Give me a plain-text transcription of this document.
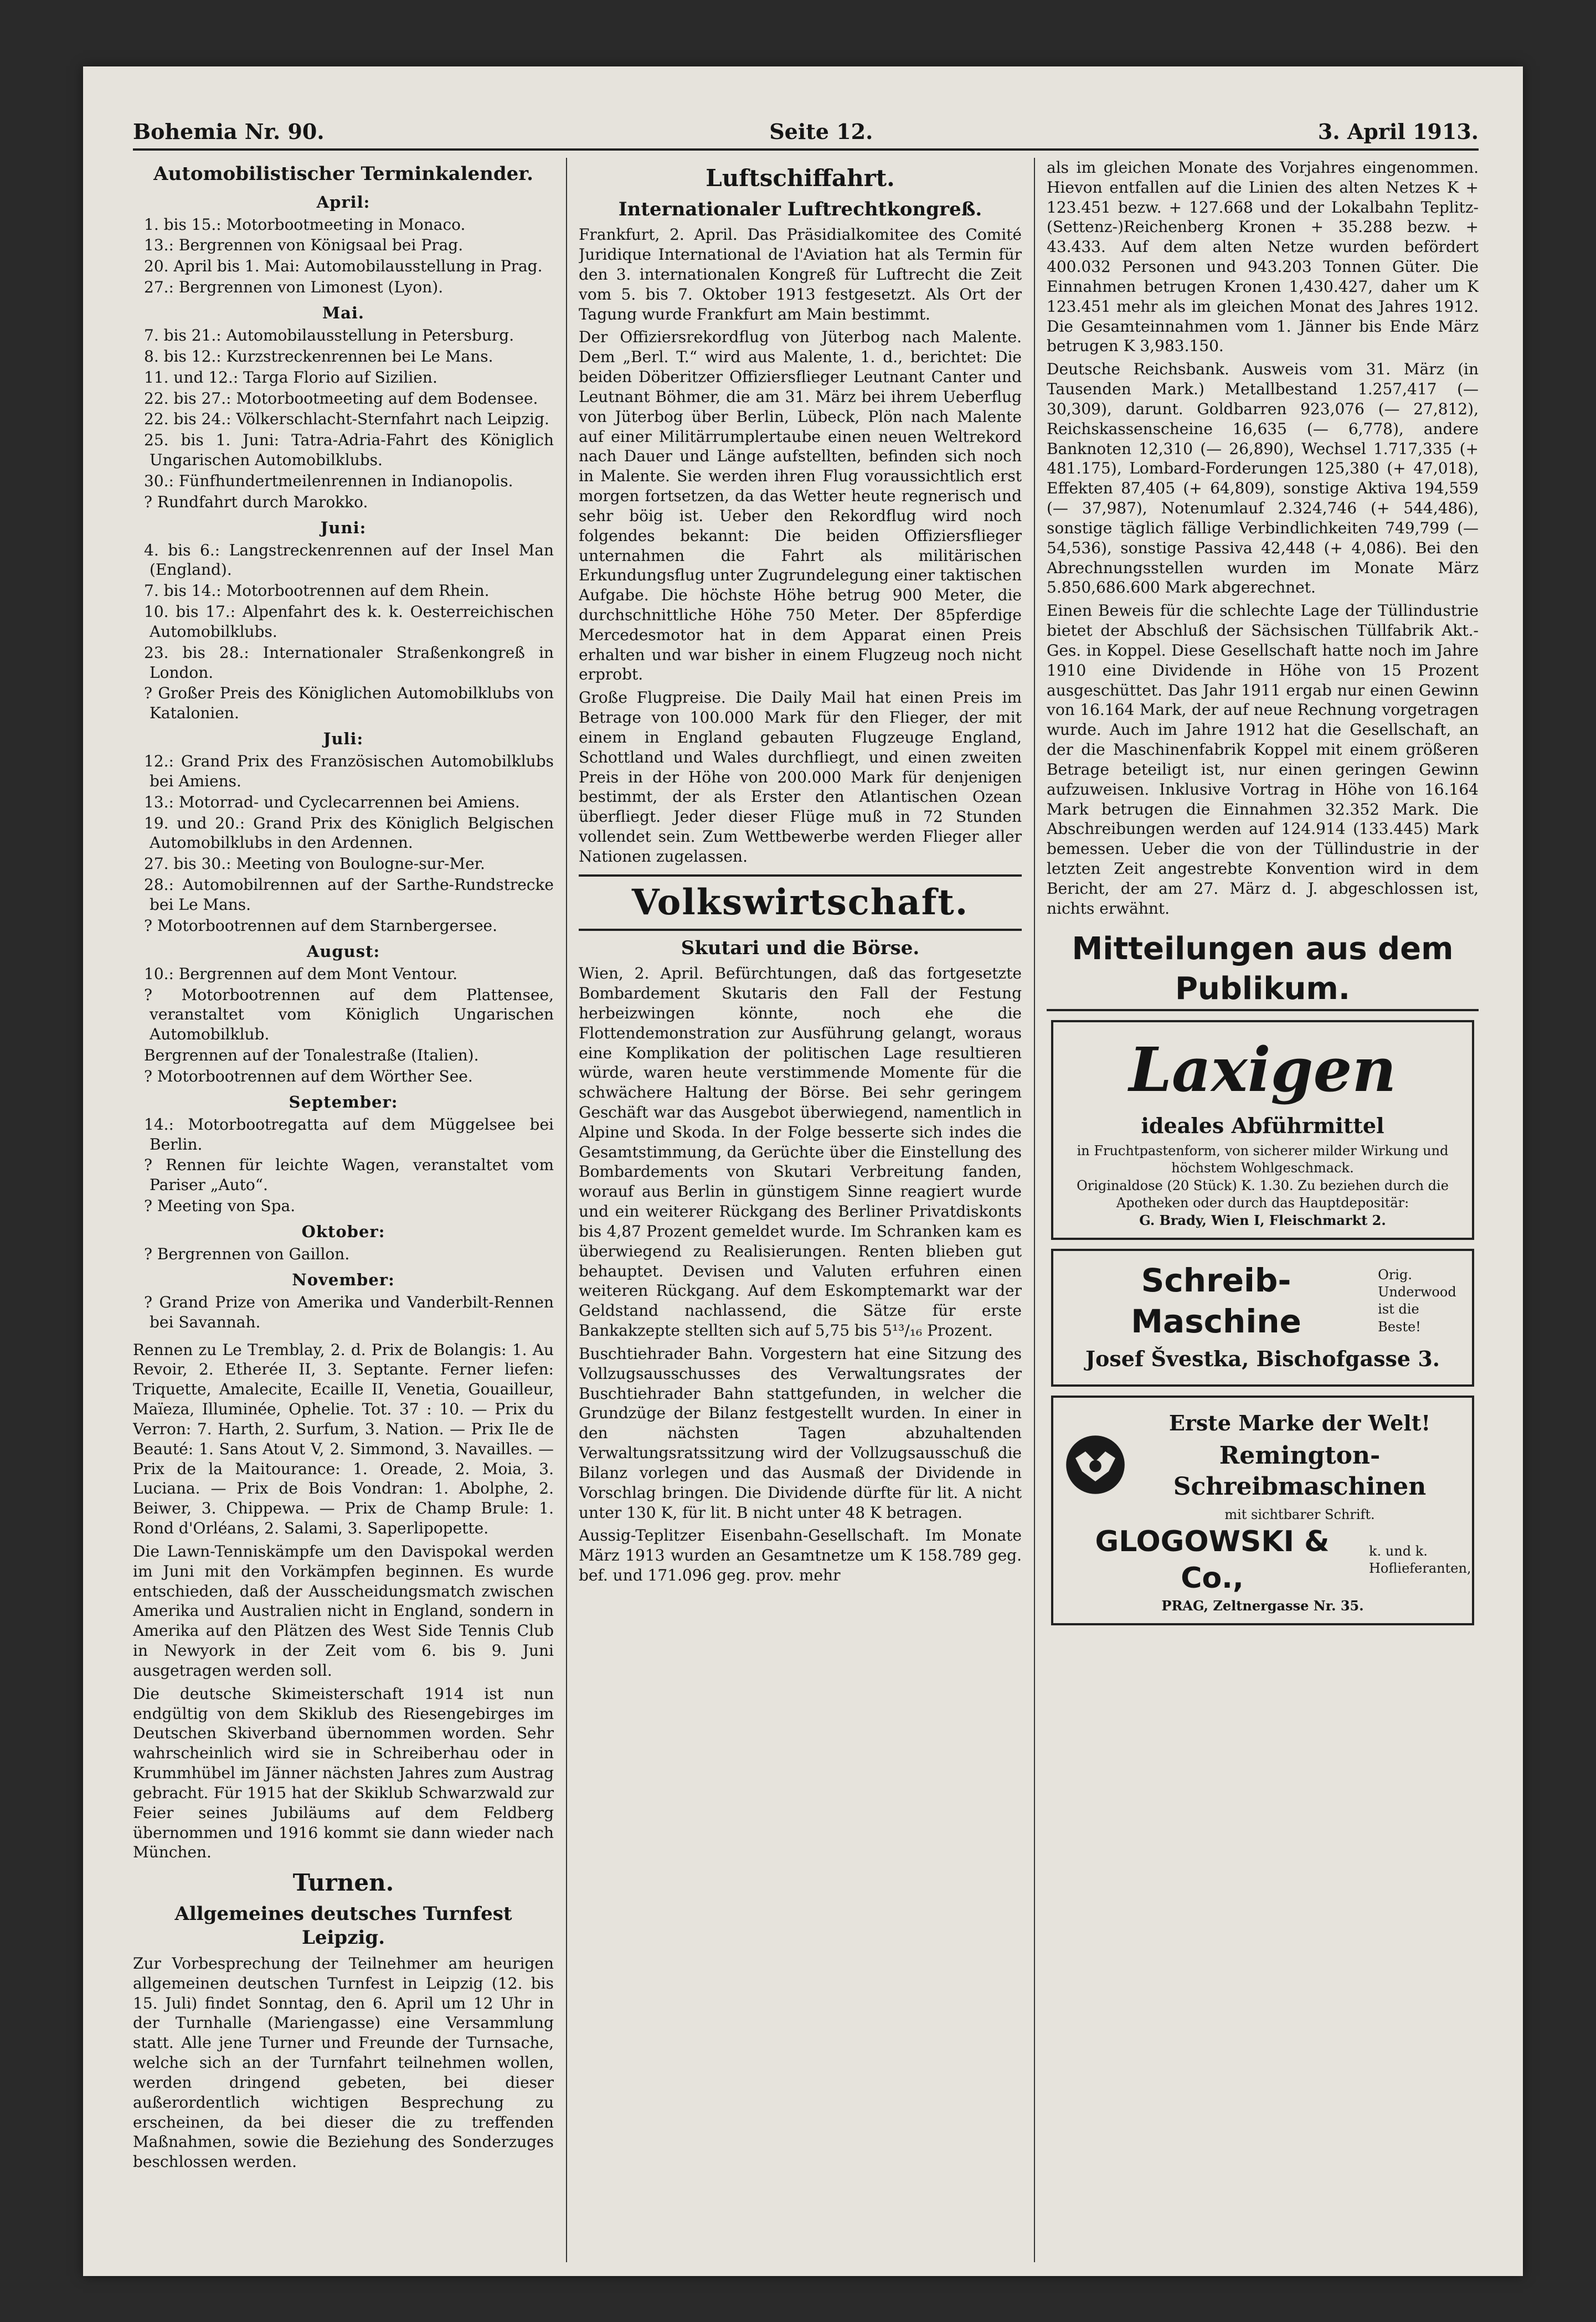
Bohemia Nr. 90.	Seite 12.	3. April 1913.
Automobilistischer Terminkalender.
April:

1. bis 15.: Motorbootmeeting in Monaco.

13.: Bergrennen von Königsaal bei Prag.

20. April bis 1. Mai: Automobilausstellung in Prag.

27.: Bergrennen von Limonest (Lyon).

Mai.

7. bis 21.: Automobilausstellung in Petersburg.

8. bis 12.: Kurzstreckenrennen bei Le Mans.

11. und 12.: Targa Florio auf Sizilien.

22. bis 27.: Motorbootmeeting auf dem Bodensee.

22. bis 24.: Völkerschlacht-Sternfahrt nach Leipzig.

25. bis 1. Juni: Tatra-Adria-Fahrt des Königlich Ungarischen Automobilklubs.

30.: Fünfhundertmeilenrennen in Indianopolis.

? Rundfahrt durch Marokko.

Juni:

4. bis 6.: Langstreckenrennen auf der Insel Man (England).

7. bis 14.: Motorbootrennen auf dem Rhein.

10. bis 17.: Alpenfahrt des k. k. Oesterreichischen Automobilklubs.

23. bis 28.: Internationaler Straßenkongreß in London.

? Großer Preis des Königlichen Automobilklubs von Katalonien.

Juli:

12.: Grand Prix des Französischen Automobilklubs bei Amiens.

13.: Motorrad- und Cyclecarrennen bei Amiens.

19. und 20.: Grand Prix des Königlich Belgischen Automobilklubs in den Ardennen.

27. bis 30.: Meeting von Boulogne-sur-Mer.

28.: Automobilrennen auf der Sarthe-Rundstrecke bei Le Mans.

? Motorbootrennen auf dem Starnbergersee.

August:

10.: Bergrennen auf dem Mont Ventour.

? Motorbootrennen auf dem Plattensee, veranstaltet vom Königlich Ungarischen Automobilklub.

Bergrennen auf der Tonalestraße (Italien).

? Motorbootrennen auf dem Wörther See.

September:

14.: Motorbootregatta auf dem Müggelsee bei Berlin.

? Rennen für leichte Wagen, veranstaltet vom Pariser „Auto“.

? Meeting von Spa.

Oktober:

? Bergrennen von Gaillon.

November:

? Grand Prize von Amerika und Vanderbilt-Rennen bei Savannah.

Rennen zu Le Tremblay, 2. d. Prix de Bolangis: 1. Au Revoir, 2. Etherée II, 3. Septante. Ferner liefen: Triquette, Amalecite, Ecaille II, Venetia, Gouailleur, Maïeza, Illuminée, Ophelie. Tot. 37 : 10. — Prix du Verron: 7. Harth, 2. Surfum, 3. Nation. — Prix Ile de Beauté: 1. Sans Atout V, 2. Simmond, 3. Navailles. — Prix de la Maitourance: 1. Oreade, 2. Moia, 3. Luciana. — Prix de Bois Vondran: 1. Abolphe, 2. Beiwer, 3. Chippewa. — Prix de Champ Brule: 1. Rond d'Orléans, 2. Salami, 3. Saperlipopette.

Die Lawn-Tenniskämpfe um den Davispokal werden im Juni mit den Vorkämpfen beginnen. Es wurde entschieden, daß der Ausscheidungsmatch zwischen Amerika und Australien nicht in England, sondern in Amerika auf den Plätzen des West Side Tennis Club in Newyork in der Zeit vom 6. bis 9. Juni ausgetragen werden soll.

Die deutsche Skimeisterschaft 1914 ist nun endgültig von dem Skiklub des Riesengebirges im Deutschen Skiverband übernommen worden. Sehr wahrscheinlich wird sie in Schreiberhau oder in Krummhübel im Jänner nächsten Jahres zum Austrag gebracht. Für 1915 hat der Skiklub Schwarzwald zur Feier seines Jubiläums auf dem Feldberg übernommen und 1916 kommt sie dann wieder nach München.

Turnen.
Allgemeines deutsches Turnfest Leipzig.

Zur Vorbesprechung der Teilnehmer am heurigen allgemeinen deutschen Turnfest in Leipzig (12. bis 15. Juli) findet Sonntag, den 6. April um 12 Uhr in der Turnhalle (Mariengasse) eine Versammlung statt. Alle jene Turner und Freunde der Turnsache, welche sich an der Turnfahrt teilnehmen wollen, werden dringend gebeten, bei dieser außerordentlich wichtigen Besprechung zu erscheinen, da bei dieser die zu treffenden Maßnahmen, sowie die Beziehung des Sonderzuges beschlossen werden.

Luftschiffahrt.
Internationaler Luftrechtkongreß.

Frankfurt, 2. April. Das Präsidialkomitee des Comité Juridique International de l'Aviation hat als Termin für den 3. internationalen Kongreß für Luftrecht die Zeit vom 5. bis 7. Oktober 1913 festgesetzt. Als Ort der Tagung wurde Frankfurt am Main bestimmt.

Der Offiziersrekordflug von Jüterbog nach Malente. Dem „Berl. T.“ wird aus Malente, 1. d., berichtet: Die beiden Döberitzer Offiziersflieger Leutnant Canter und Leutnant Böhmer, die am 31. März bei ihrem Ueberflug von Jüterbog über Berlin, Lübeck, Plön nach Malente auf einer Militärrumplertaube einen neuen Weltrekord nach Dauer und Länge aufstellten, befinden sich noch in Malente. Sie werden ihren Flug voraussichtlich erst morgen fortsetzen, da das Wetter heute regnerisch und sehr böig ist. Ueber den Rekordflug wird noch folgendes bekannt: Die beiden Offiziersflieger unternahmen die Fahrt als militärischen Erkundungsflug unter Zugrundelegung einer taktischen Aufgabe. Die höchste Höhe betrug 900 Meter, die durchschnittliche Höhe 750 Meter. Der 85pferdige Mercedesmotor hat in dem Apparat einen Preis erhalten und war bisher in einem Flugzeug noch nicht erprobt.

Große Flugpreise. Die Daily Mail hat einen Preis im Betrage von 100.000 Mark für den Flieger, der mit einem in England gebauten Flugzeuge England, Schottland und Wales durchfliegt, und einen zweiten Preis in der Höhe von 200.000 Mark für denjenigen bestimmt, der als Erster den Atlantischen Ozean überfliegt. Jeder dieser Flüge muß in 72 Stunden vollendet sein. Zum Wettbewerbe werden Flieger aller Nationen zugelassen.

Volkswirtschaft.
Skutari und die Börse.

Wien, 2. April. Befürchtungen, daß das fortgesetzte Bombardement Skutaris den Fall der Festung herbeizwingen könnte, noch ehe die Flottendemonstration zur Ausführung gelangt, woraus eine Komplikation der politischen Lage resultieren würde, waren heute verstimmende Momente für die schwächere Haltung der Börse. Bei sehr geringem Geschäft war das Ausgebot überwiegend, namentlich in Alpine und Skoda. In der Folge besserte sich indes die Gesamtstimmung, da Gerüchte über die Einstellung des Bombardements von Skutari Verbreitung fanden, worauf aus Berlin in günstigem Sinne reagiert wurde und ein weiterer Rückgang des Berliner Privatdiskonts bis 4,87 Prozent gemeldet wurde. Im Schranken kam es überwiegend zu Realisierungen. Renten blieben gut behauptet. Devisen und Valuten erfuhren einen weiteren Rückgang. Auf dem Eskomptemarkt war der Geldstand nachlassend, die Sätze für erste Bankakzepte stellten sich auf 5,75 bis 5¹³/₁₆ Prozent.

Buschtiehrader Bahn. Vorgestern hat eine Sitzung des Vollzugsausschusses des Verwaltungsrates der Buschtiehrader Bahn stattgefunden, in welcher die Grundzüge der Bilanz festgestellt wurden. In einer in den nächsten Tagen abzuhaltenden Verwaltungsratssitzung wird der Vollzugsausschuß die Bilanz vorlegen und das Ausmaß der Dividende in Vorschlag bringen. Die Dividende dürfte für lit. A nicht unter 130 K, für lit. B nicht unter 48 K betragen.

Aussig-Teplitzer Eisenbahn-Gesellschaft. Im Monate März 1913 wurden an Gesamtnetze um K 158.789 geg. bef. und 171.096 geg. prov. mehr

als im gleichen Monate des Vorjahres eingenommen. Hievon entfallen auf die Linien des alten Netzes K + 123.451 bezw. + 127.668 und der Lokalbahn Teplitz-(Settenz-)Reichenberg Kronen + 35.288 bezw. + 43.433. Auf dem alten Netze wurden befördert 400.032 Personen und 943.203 Tonnen Güter. Die Einnahmen betrugen Kronen 1,430.427, daher um K 123.451 mehr als im gleichen Monat des Jahres 1912. Die Gesamteinnahmen vom 1. Jänner bis Ende März betrugen K 3,983.150.

Deutsche Reichsbank. Ausweis vom 31. März (in Tausenden Mark.) Metallbestand 1.257,417 (— 30,309), darunt. Goldbarren 923,076 (— 27,812), Reichskassenscheine 16,635 (— 6,778), andere Banknoten 12,310 (— 26,890), Wechsel 1.717,335 (+ 481.175), Lombard-Forderungen 125,380 (+ 47,018), Effekten 87,405 (+ 64,809), sonstige Aktiva 194,559 (— 37,987), Notenumlauf 2.324,746 (+ 544,486), sonstige täglich fällige Verbindlichkeiten 749,799 (— 54,536), sonstige Passiva 42,448 (+ 4,086). Bei den Abrechnungsstellen wurden im Monate März 5.850,686.600 Mark abgerechnet.

Einen Beweis für die schlechte Lage der Tüllindustrie bietet der Abschluß der Sächsischen Tüllfabrik Akt.-Ges. in Koppel. Diese Gesellschaft hatte noch im Jahre 1910 eine Dividende in Höhe von 15 Prozent ausgeschüttet. Das Jahr 1911 ergab nur einen Gewinn von 16.164 Mark, der auf neue Rechnung vorgetragen wurde. Auch im Jahre 1912 hat die Gesellschaft, an der die Maschinenfabrik Koppel mit einem größeren Betrage beteiligt ist, nur einen geringen Gewinn aufzuweisen. Inklusive Vortrag in Höhe von 16.164 Mark betrugen die Einnahmen 32.352 Mark. Die Abschreibungen werden auf 124.914 (133.445) Mark bemessen. Ueber die von der Tüllindustrie in der letzten Zeit angestrebte Konvention wird in dem Bericht, der am 27. März d. J. abgeschlossen ist, nichts erwähnt.

Mitteilungen aus dem Publikum.
Laxigen
ideales Abführmittel
in Fruchtpastenform, von sicherer milder Wirkung und höchstem Wohlgeschmack.
Originaldose (20 Stück) K. 1.30. Zu beziehen durch die Apotheken oder durch das Hauptdepositär:
G. Brady, Wien I, Fleischmarkt 2.
Schreib-Maschine
Orig. Underwood ist die Beste!
Josef Švestka, Bischofgasse 3.
Erste Marke der Welt!
Remington-Schreibmaschinen
mit sichtbarer Schrift.
GLOGOWSKI & Co.,
k. und k. Hoflieferanten,
PRAG, Zeltnergasse Nr. 35.
